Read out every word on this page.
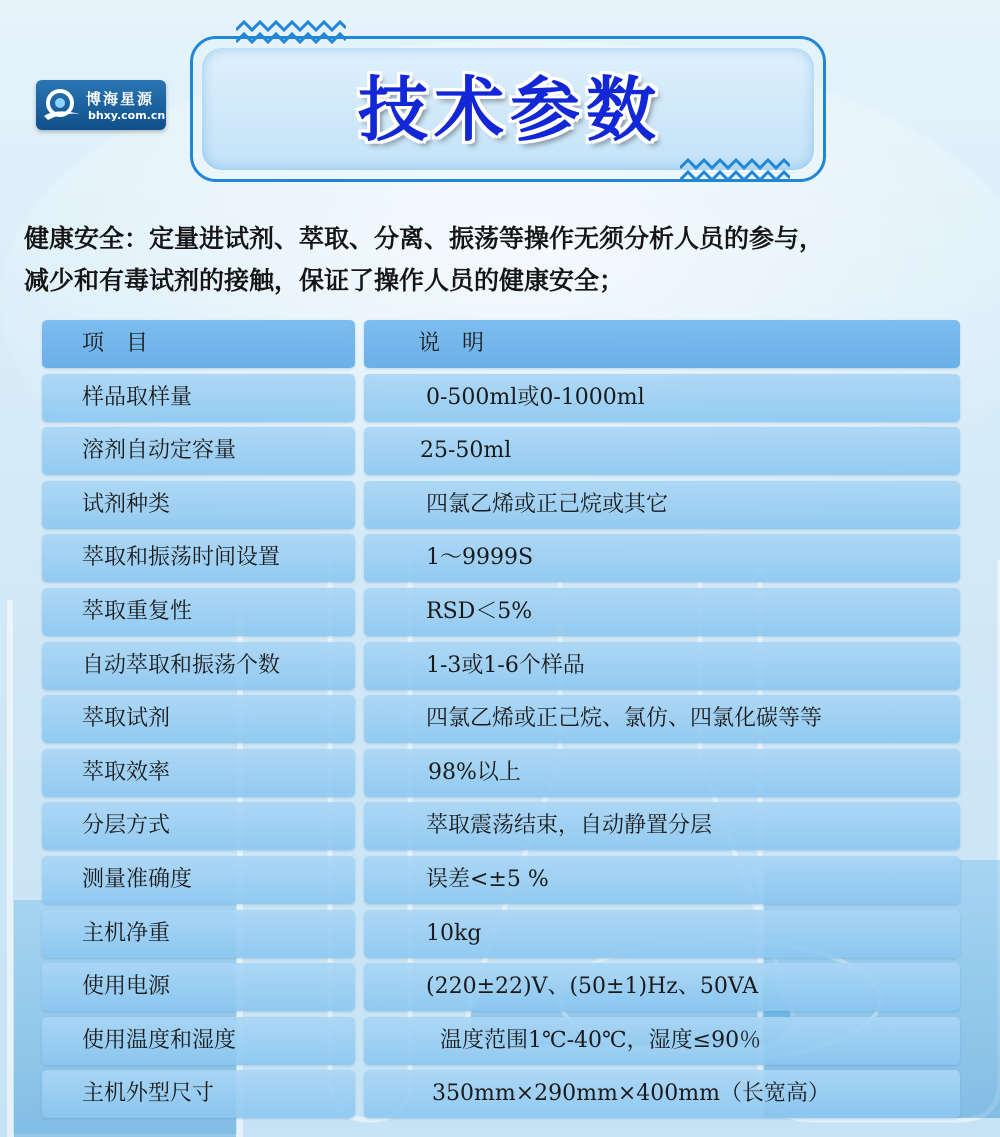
博海星源
bhxy.com.cn	技术参数
健康安全：定量进试剂、萃取、分离、振荡等操作无须分析人员的参与，
减少和有毒试剂的接触，保证了操作人员的健康安全；
项　目	说　明
样品取样量	0-500ml或0-1000ml
溶剂自动定容量	25-50ml
试剂种类	四氯乙烯或正己烷或其它
萃取和振荡时间设置	1～9999S
萃取重复性	RSD＜5%
自动萃取和振荡个数	1-3或1-6个样品
萃取试剂	四氯乙烯或正己烷、氯仿、四氯化碳等等
萃取效率	98%以上
分层方式	萃取震荡结束，自动静置分层
测量准确度	误差<±5 %
主机净重	10kg
使用电源	(220±22)V、(50±1)Hz、50VA
使用温度和湿度	温度范围1℃-40℃，湿度≤90％
主机外型尺寸	350mm×290mm×400mm（长宽高）
